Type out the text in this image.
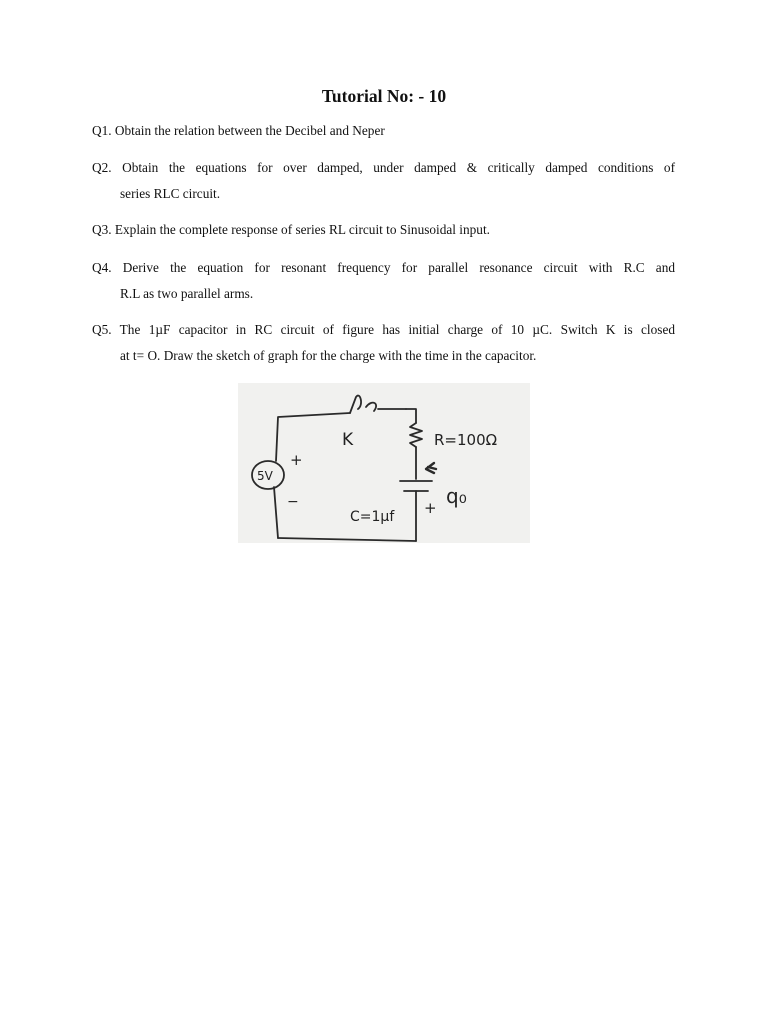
Tutorial No: - 10
Q1. Obtain the relation between the Decibel and Neper
Q2. Obtain the equations for over damped, under damped & critically damped conditions of
series RLC circuit.
Q3. Explain the complete response of series RL circuit to Sinusoidal input.
Q4. Derive the equation for resonant frequency for parallel resonance circuit with R.C and
R.L as two parallel arms.
Q5. The 1µF capacitor in RC circuit of figure has initial charge of 10 µC. Switch K is closed
at t= O. Draw the sketch of graph for the charge with the time in the capacitor.
5V
+
−
K	R=100Ω
C=1µf + q₀
